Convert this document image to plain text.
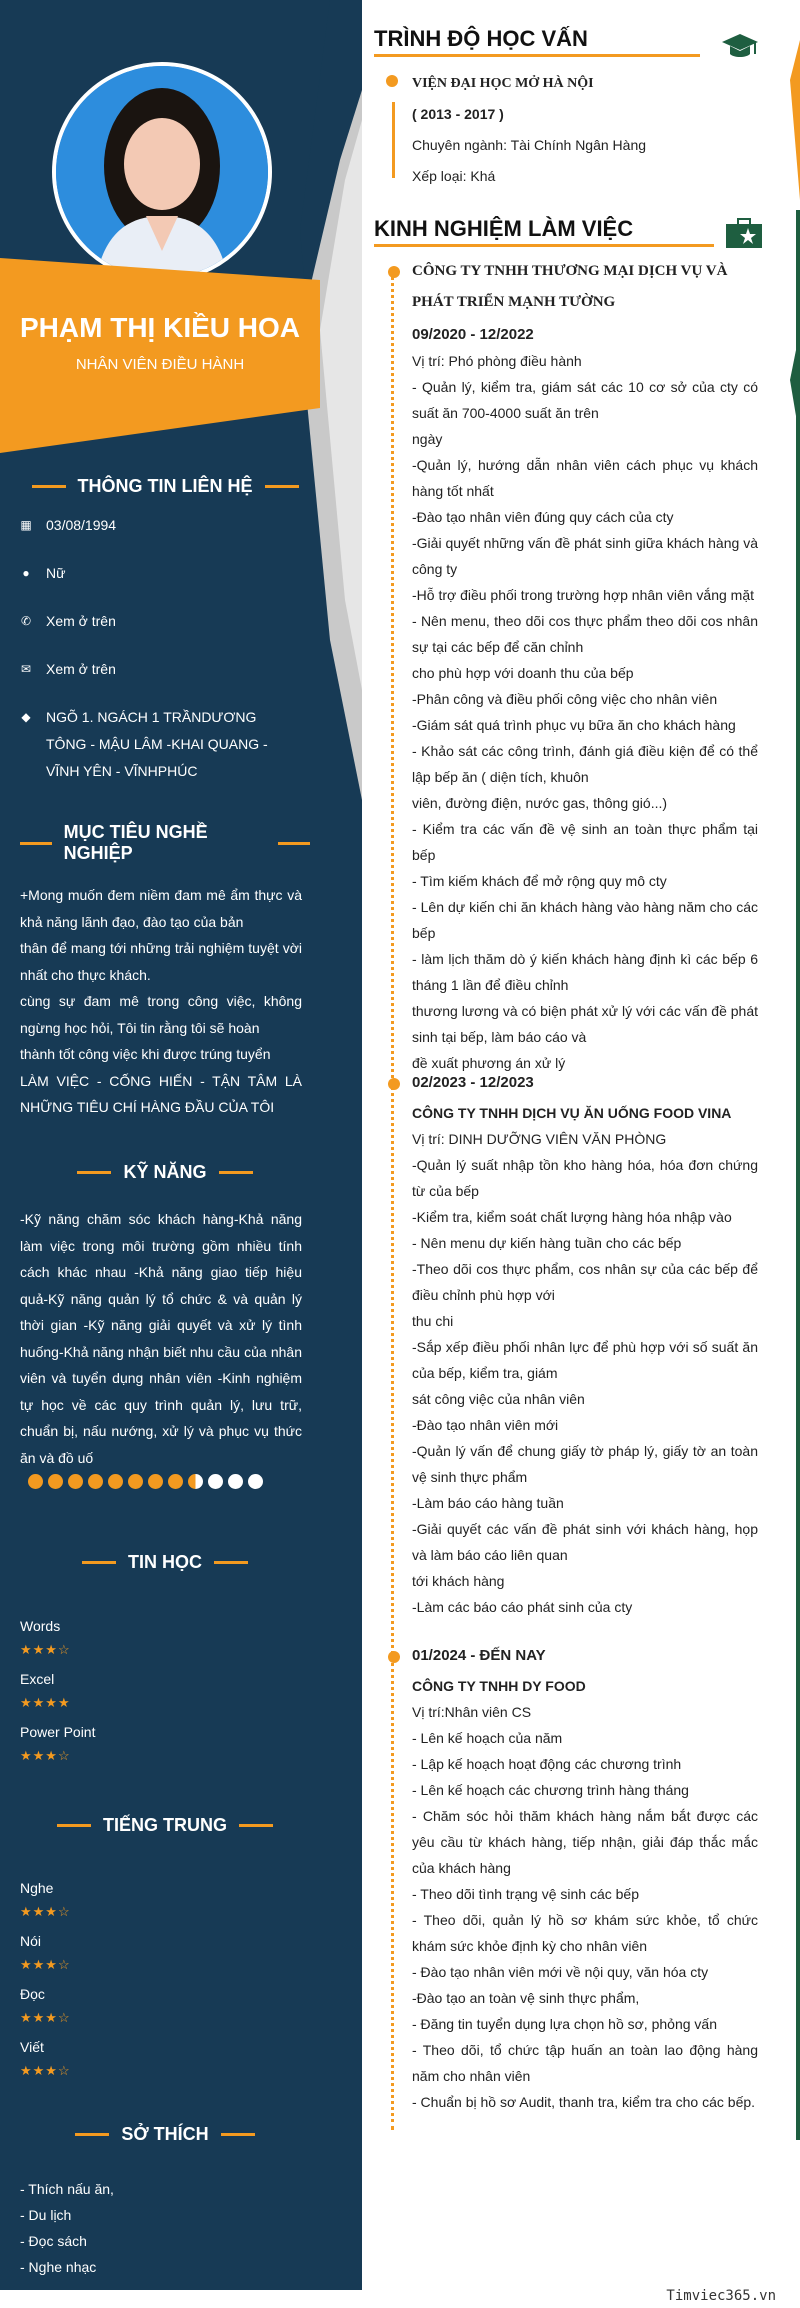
PHẠM THỊ KIỀU HOA
NHÂN VIÊN ĐIỀU HÀNH
THÔNG TIN LIÊN HỆ
▦ 03/08/1994
● Nữ
✆ Xem ở trên
✉ Xem ở trên
◆ NGÕ 1. NGÁCH 1 TRẦNDƯƠNG TÔNG - MẬU LÂM -KHAI QUANG - VĨNH YÊN - VĨNHPHÚC
MỤC TIÊU NGHỀ NGHIỆP
+Mong muốn đem niềm đam mê ẩm thực và khả năng lãnh đạo, đào tạo của bản
thân để mang tới những trải nghiệm tuyệt vời nhất cho thực khách.
cùng sự đam mê trong công việc, không ngừng học hỏi, Tôi tin rằng tôi sẽ hoàn
thành tốt công việc khi được trúng tuyển
LÀM VIỆC - CỐNG HIẾN - TẬN TÂM LÀ NHỮNG TIÊU CHÍ HÀNG ĐẦU CỦA TÔI
KỸ NĂNG
-Kỹ năng chăm sóc khách hàng-Khả năng làm việc trong môi trường gồm nhiều tính cách khác nhau -Khả năng giao tiếp hiệu quả-Kỹ năng quản lý tổ chức & và quản lý thời gian -Kỹ năng giải quyết và xử lý tình huống-Khả năng nhận biết nhu cầu của nhân viên và tuyển dụng nhân viên -Kinh nghiệm tự học về các quy trình quản lý, lưu trữ, chuẩn bị, nấu nướng, xử lý và phục vụ thức ăn và đồ uố
TIN HỌC
Words
★★★☆
Excel
★★★★
Power Point
★★★☆
TIẾNG TRUNG
Nghe
★★★☆
Nói
★★★☆
Đọc
★★★☆
Viết
★★★☆
SỞ THÍCH
- Thích nấu ăn,
- Du lịch
- Đọc sách
- Nghe nhạc
TRÌNH ĐỘ HỌC VẤN
VIỆN ĐẠI HỌC MỞ HÀ NỘI
( 2013 - 2017 )
Chuyên ngành: Tài Chính Ngân Hàng
Xếp loại: Khá
KINH NGHIỆM LÀM VIỆC
CÔNG TY TNHH THƯƠNG MẠI DỊCH VỤ VÀ PHÁT TRIỂN MẠNH TƯỜNG
09/2020 - 12/2022

Vị trí: Phó phòng điều hành

- Quản lý, kiểm tra, giám sát các 10 cơ sở của cty có suất ăn 700-4000 suất ăn trên

ngày

-Quản lý, hướng dẫn nhân viên cách phục vụ khách hàng tốt nhất

-Đào tạo nhân viên đúng quy cách của cty

-Giải quyết những vấn đề phát sinh giữa khách hàng và công ty

-Hỗ trợ điều phối trong trường hợp nhân viên vắng mặt

- Nên menu, theo dõi cos thực phẩm theo dõi cos nhân sự tại các bếp để căn chỉnh

cho phù hợp với doanh thu của bếp

-Phân công và điều phối công việc cho nhân viên

-Giám sát quá trình phục vụ bữa ăn cho khách hàng

- Khảo sát các công trình, đánh giá điều kiện để có thể lập bếp ăn ( diện tích, khuôn

viên, đường điện, nước gas, thông gió...)

- Kiểm tra các vấn đề vệ sinh an toàn thực phẩm tại bếp

- Tìm kiếm khách để mở rộng quy mô cty

- Lên dự kiến chi ăn khách hàng vào hàng năm cho các bếp

- làm lịch thăm dò ý kiến khách hàng định kì các bếp 6 tháng 1 lần để điều chỉnh

thương lương và có biện phát xử lý với các vấn đề phát sinh tại bếp, làm báo cáo và

đề xuất phương án xử lý

02/2023 - 12/2023
CÔNG TY TNHH DỊCH VỤ ĂN UỐNG FOOD VINA

Vị trí: DINH DƯỠNG VIÊN VĂN PHÒNG

-Quản lý suất nhập tồn kho hàng hóa, hóa đơn chứng từ của bếp

-Kiểm tra, kiểm soát chất lượng hàng hóa nhập vào

- Nên menu dự kiến hàng tuần cho các bếp

-Theo dõi cos thực phẩm, cos nhân sự của các bếp để điều chỉnh phù hợp với

thu chi

-Sắp xếp điều phối nhân lực để phù hợp với số suất ăn của bếp, kiểm tra, giám

sát công việc của nhân viên

-Đào tạo nhân viên mới

-Quản lý vấn để chung giấy tờ pháp lý, giấy tờ an toàn vệ sinh thực phẩm

-Làm báo cáo hàng tuần

-Giải quyết các vấn đề phát sinh với khách hàng, họp và làm báo cáo liên quan

tới khách hàng

-Làm các báo cáo phát sinh của cty

01/2024 - ĐẾN NAY
CÔNG TY TNHH DY FOOD

Vị trí:Nhân viên CS

- Lên kế hoạch của năm

- Lập kế hoạch hoạt động các chương trình

- Lên kế hoạch các chương trình hàng tháng

- Chăm sóc hỏi thăm khách hàng nắm bắt được các yêu cầu từ khách hàng, tiếp nhận, giải đáp thắc mắc của khách hàng

- Theo dõi tình trạng vệ sinh các bếp

- Theo dõi, quản lý hồ sơ khám sức khỏe, tổ chức khám sức khỏe định kỳ cho nhân viên

- Đào tạo nhân viên mới về nội quy, văn hóa cty

-Đào tạo an toàn vệ sinh thực phẩm,

- Đăng tin tuyển dụng lựa chọn hồ sơ, phỏng vấn

- Theo dõi, tổ chức tập huấn an toàn lao động hàng năm cho nhân viên

- Chuẩn bị hồ sơ Audit, thanh tra, kiểm tra cho các bếp.

Timviec365.vn
